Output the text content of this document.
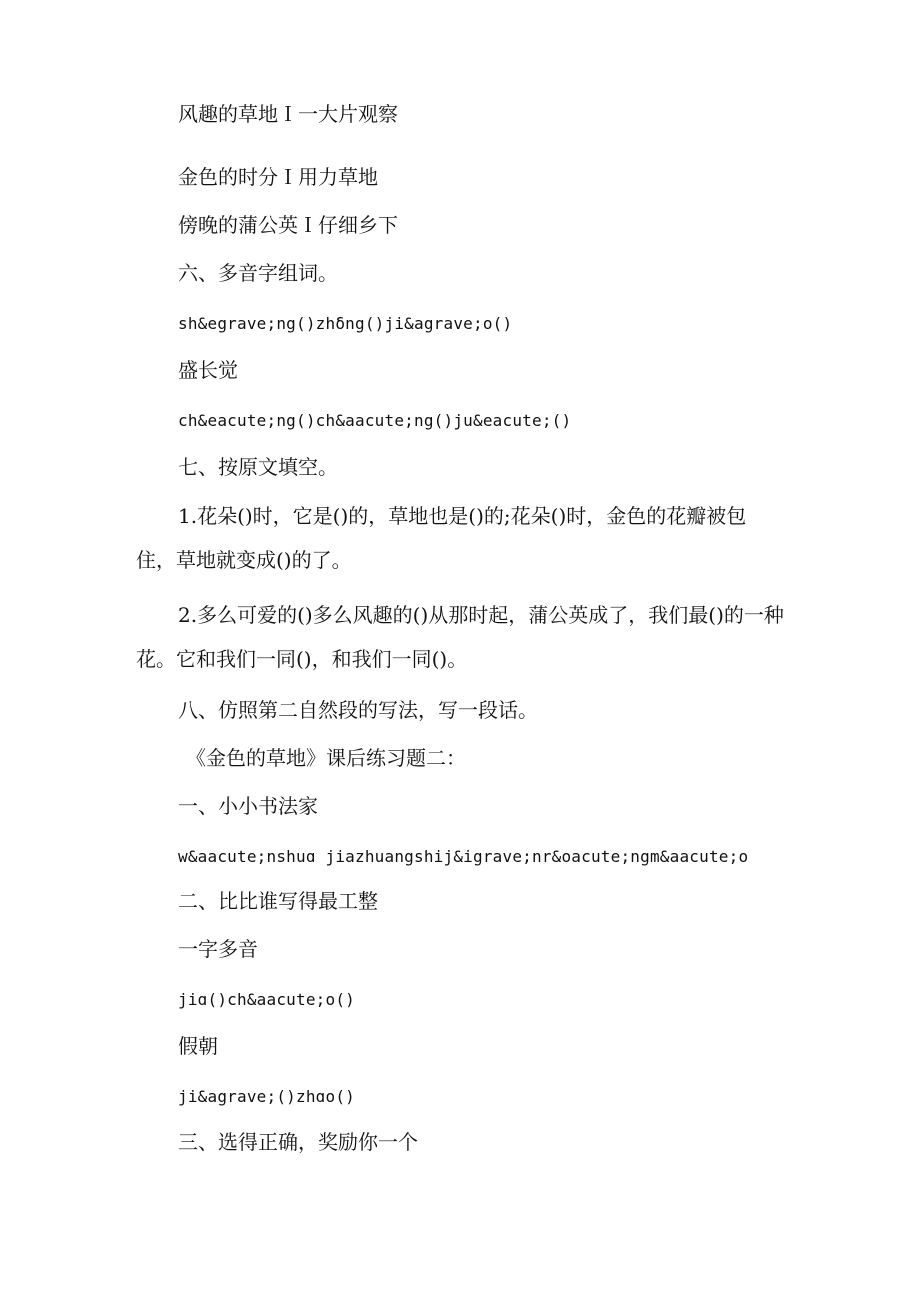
风趣的草地Ｉ一大片观察
金色的时分Ｉ用力草地
傍晚的蒲公英Ｉ仔细乡下
六、多音字组词。
sh&egrave;ng()zhδng()ji&agrave;o()
盛长觉
ch&eacute;ng()ch&aacute;ng()ju&eacute;()
七、按原文填空。
1.花朵()时，它是()的，草地也是()的;花朵()时，金色的花瓣被包住，草地就变成()的了。
2.多么可爱的()多么风趣的()从那时起，蒲公英成了，我们最()的一种花。它和我们一同()，和我们一同()。
八、仿照第二自然段的写法，写一段话。
《金色的草地》课后练习题二：
一、小小书法家
w&aacute;nshuɑ jiazhuangshij&igrave;nr&oacute;ngm&aacute;o
二、比比谁写得最工整
一字多音
jiɑ()ch&aacute;o()
假朝
ji&agrave;()zhɑo()
三、选得正确，奖励你一个
